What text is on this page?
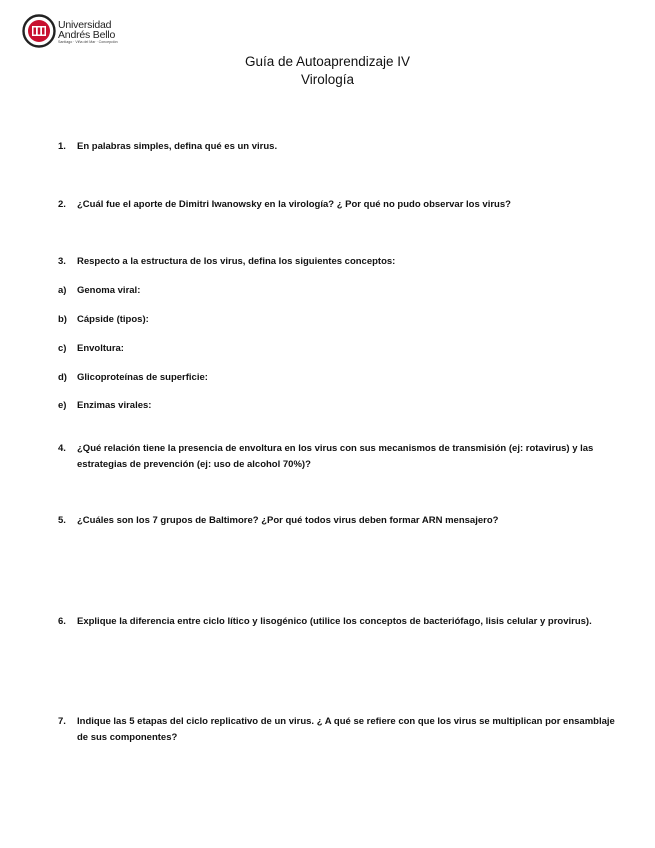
Universidad
Andrés Bello
Santiago · Viña del Mar · Concepción
Guía de Autoaprendizaje IV
Virología
1. En palabras simples, defina qué es un virus.
2. ¿Cuál fue el aporte de Dimitri Iwanowsky en la virología? ¿ Por qué no pudo observar los virus?
3. Respecto a la estructura de los virus, defina los siguientes conceptos:
a) Genoma viral:
b) Cápside (tipos):
c) Envoltura:
d) Glicoproteínas de superficie:
e) Enzimas virales:
4. ¿Qué relación tiene la presencia de envoltura en los virus con sus mecanismos de transmisión (ej: rotavirus) y las estrategias de prevención (ej: uso de alcohol 70%)?
5. ¿Cuáles son los 7 grupos de Baltimore? ¿Por qué todos virus deben formar ARN mensajero?
6. Explique la diferencia entre ciclo lítico y lisogénico (utilice los conceptos de bacteriófago, lisis celular y provirus).
7. Indique las 5 etapas del ciclo replicativo de un virus. ¿ A qué se refiere con que los virus se multiplican por ensamblaje de sus componentes?
